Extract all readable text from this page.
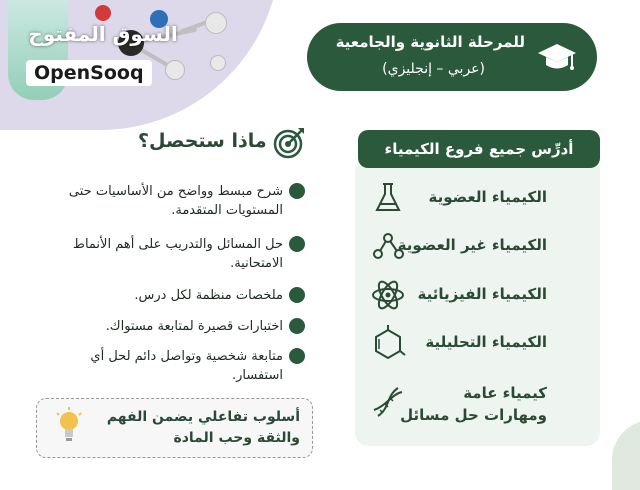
السوق المفتوح
OpenSooq
للمرحلة الثانوية والجامعية
(عربي – إنجليزي)
أدرِّس جميع فروع الكيمياء
الكيمياء العضوية
الكيمياء غير العضوية
الكيمياء الفيزيائية
الكيمياء التحليلية
كيمياء عامة
ومهارات حل مسائل
ماذا ستحصل؟
شرح مبسط وواضح من الأساسيات حتى المستويات المتقدمة.
حل المسائل والتدريب على أهم الأنماط الامتحانية.
ملخصات منظمة لكل درس.
اختبارات قصيرة لمتابعة مستواك.
متابعة شخصية وتواصل دائم لحل أي استفسار.
أسلوب تفاعلي يضمن الفهم والثقة وحب المادة
